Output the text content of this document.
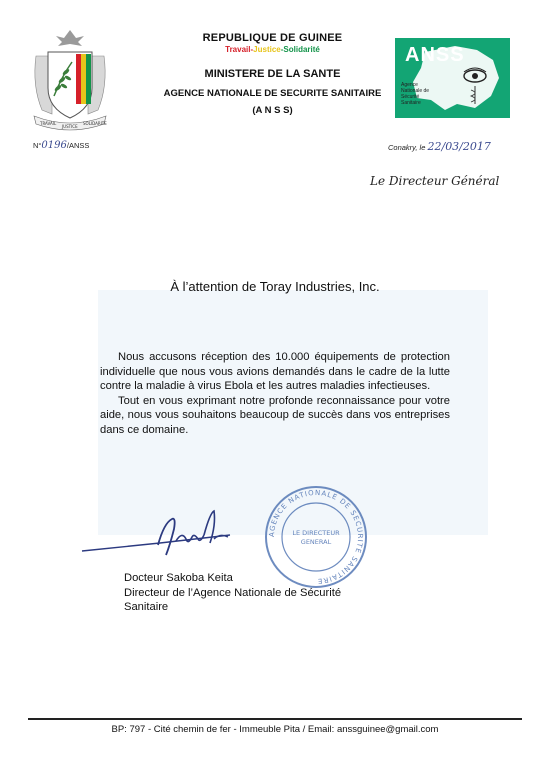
TRAVAIL
JUSTICE
SOLIDARITE
REPUBLIQUE DE GUINEE
Travail-Justice-Solidarité
MINISTERE DE LA SANTE
AGENCE NATIONALE DE SECURITE SANITAIRE
(A N S S)
ANSS
Agence
Nationale de
Sécurité
Sanitaire
N°0196/ANSS	Conakry, le 22/03/2017
Le Directeur Général
À l’attention de Toray Industries, Inc.

Nous accusons réception des 10.000 équipements de protection individuelle que nous vous avions demandés dans le cadre de la lutte contre la maladie à virus Ebola et les autres maladies infectieuses.

Tout en vous exprimant notre profonde reconnaissance pour votre aide, nous vous souhaitons beaucoup de succès dans vos entreprises dans ce domaine.

AGENCE NATIONALE DE SECURITE SANITAIRE
LE DIRECTEUR
GENERAL
Docteur Sakoba Keita
Directeur de l’Agence Nationale de Sécurité
Sanitaire
BP: 797 - Cité chemin de fer - Immeuble Pita / Email: anssguinee@gmail.com
